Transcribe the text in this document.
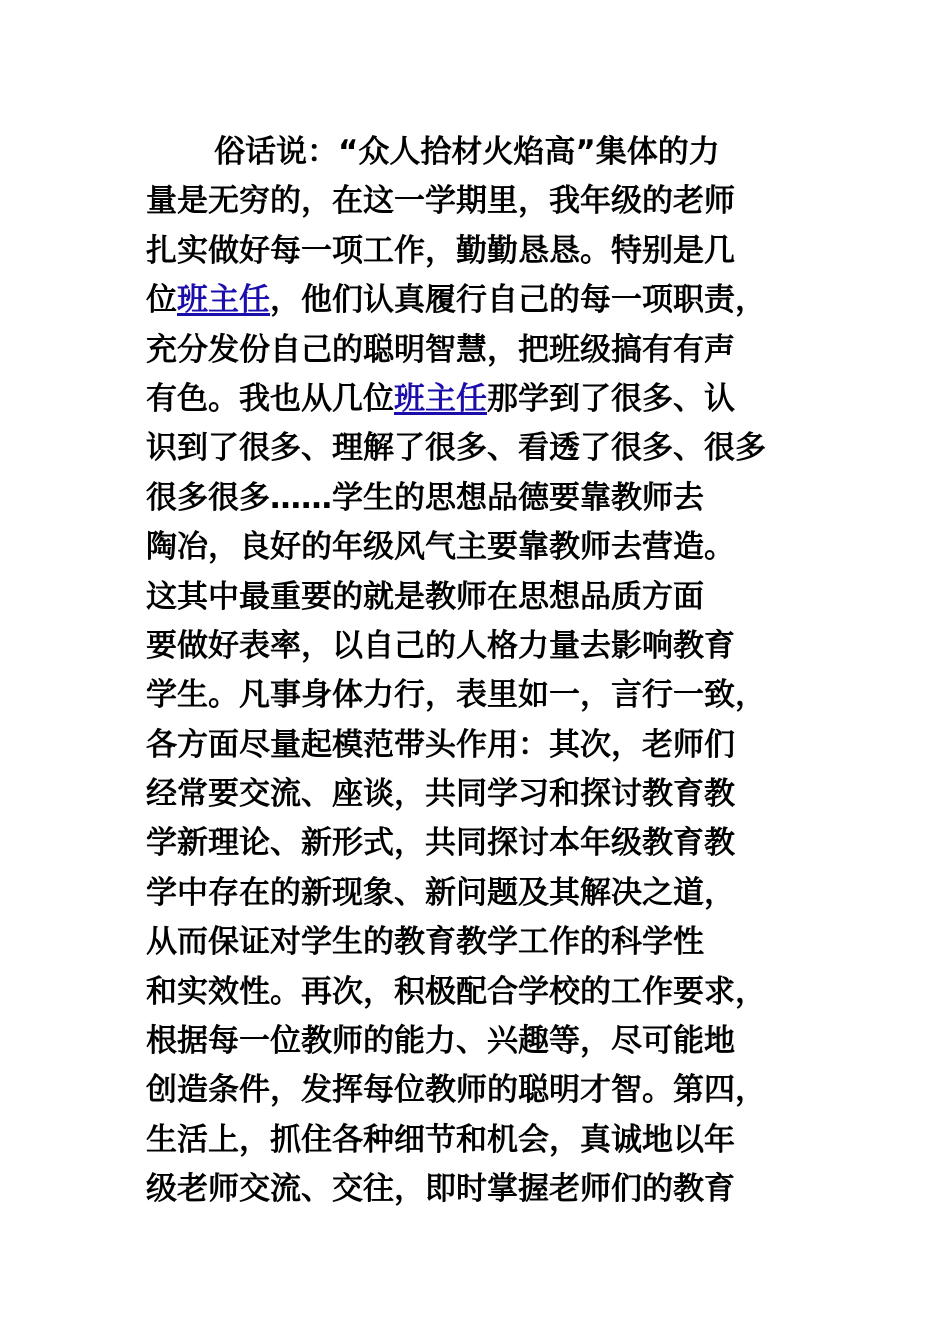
俗话说：“众人拾材火焰高”集体的力
量是无穷的，在这一学期里，我年级的老师
扎实做好每一项工作，勤勤恳恳。特别是几
位班主任，他们认真履行自己的每一项职责，
充分发份自己的聪明智慧，把班级搞有有声
有色。我也从几位班主任那学到了很多、认
识到了很多、理解了很多、看透了很多、很多
很多很多……学生的思想品德要靠教师去
陶冶，良好的年级风气主要靠教师去营造。
这其中最重要的就是教师在思想品质方面
要做好表率，以自己的人格力量去影响教育
学生。凡事身体力行，表里如一，言行一致，
各方面尽量起模范带头作用：其次，老师们
经常要交流、座谈，共同学习和探讨教育教
学新理论、新形式，共同探讨本年级教育教
学中存在的新现象、新问题及其解决之道，
从而保证对学生的教育教学工作的科学性
和实效性。再次，积极配合学校的工作要求，
根据每一位教师的能力、兴趣等，尽可能地
创造条件，发挥每位教师的聪明才智。第四，
生活上，抓住各种细节和机会，真诚地以年
级老师交流、交往，即时掌握老师们的教育
